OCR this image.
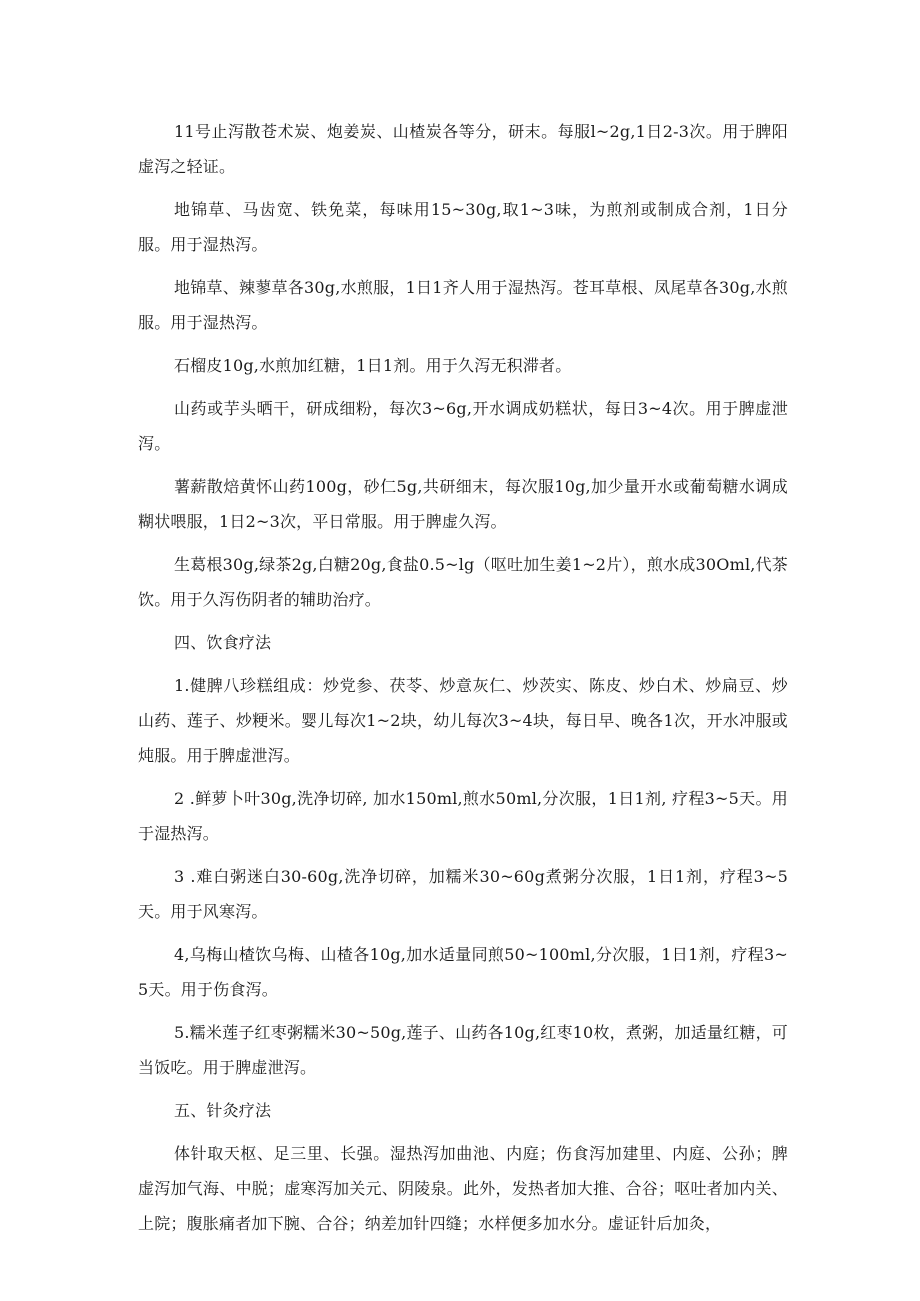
11号止泻散苍术炭、炮姜炭、山楂炭各等分，研末。每服l~2g,1日2-3次。用于脾阳虚泻之轻证。

地锦草、马齿宽、铁免菜，每味用15~30g,取1~3味，为煎剂或制成合剂，1日分服。用于湿热泻。

地锦草、辣蓼草各30g,水煎服，1日1齐人用于湿热泻。苍耳草根、凤尾草各30g,水煎服。用于湿热泻。

石榴皮10g,水煎加红糖，1日1剂。用于久泻无积滞者。

山药或芋头晒干，研成细粉，每次3~6g,开水调成奶糕状，每日3~4次。用于脾虚泄泻。

薯薪散焙黄怀山药100g，砂仁5g,共研细末，每次服10g,加少量开水或葡萄糖水调成糊状喂服，1日2~3次，平日常服。用于脾虚久泻。

生葛根30g,绿茶2g,白糖20g,食盐0.5~lg（呕吐加生姜1~2片），煎水成30Oml,代茶饮。用于久泻伤阴者的辅助治疗。

四、饮食疗法

1.健脾八珍糕组成：炒党参、茯苓、炒意灰仁、炒茨实、陈皮、炒白术、炒扁豆、炒山药、莲子、炒粳米。婴儿每次1~2块，幼儿每次3~4块，每日早、晚各1次，开水冲服或炖服。用于脾虚泄泻。

2 .鲜萝卜叶30g,洗净切碎, 加水150ml,煎水50ml,分次服，1日1剂, 疗程3~5天。用于湿热泻。

3 .难白粥迷白30-60g,洗净切碎，加糯米30~60g煮粥分次服，1日1剂，疗程3~5天。用于风寒泻。

4,乌梅山楂饮乌梅、山楂各10g,加水适量同煎50~100ml,分次服，1日1剂，疗程3~5天。用于伤食泻。

5.糯米莲子红枣粥糯米30~50g,莲子、山药各10g,红枣10枚，煮粥，加适量红糖，可当饭吃。用于脾虚泄泻。

五、针灸疗法

体针取天枢、足三里、长强。湿热泻加曲池、内庭；伤食泻加建里、内庭、公孙；脾虚泻加气海、中脱；虚寒泻加关元、阴陵泉。此外，发热者加大推、合谷；呕吐者加内关、上院；腹胀痛者加下腕、合谷；纳差加针四缝；水样便多加水分。虚证针后加灸，
